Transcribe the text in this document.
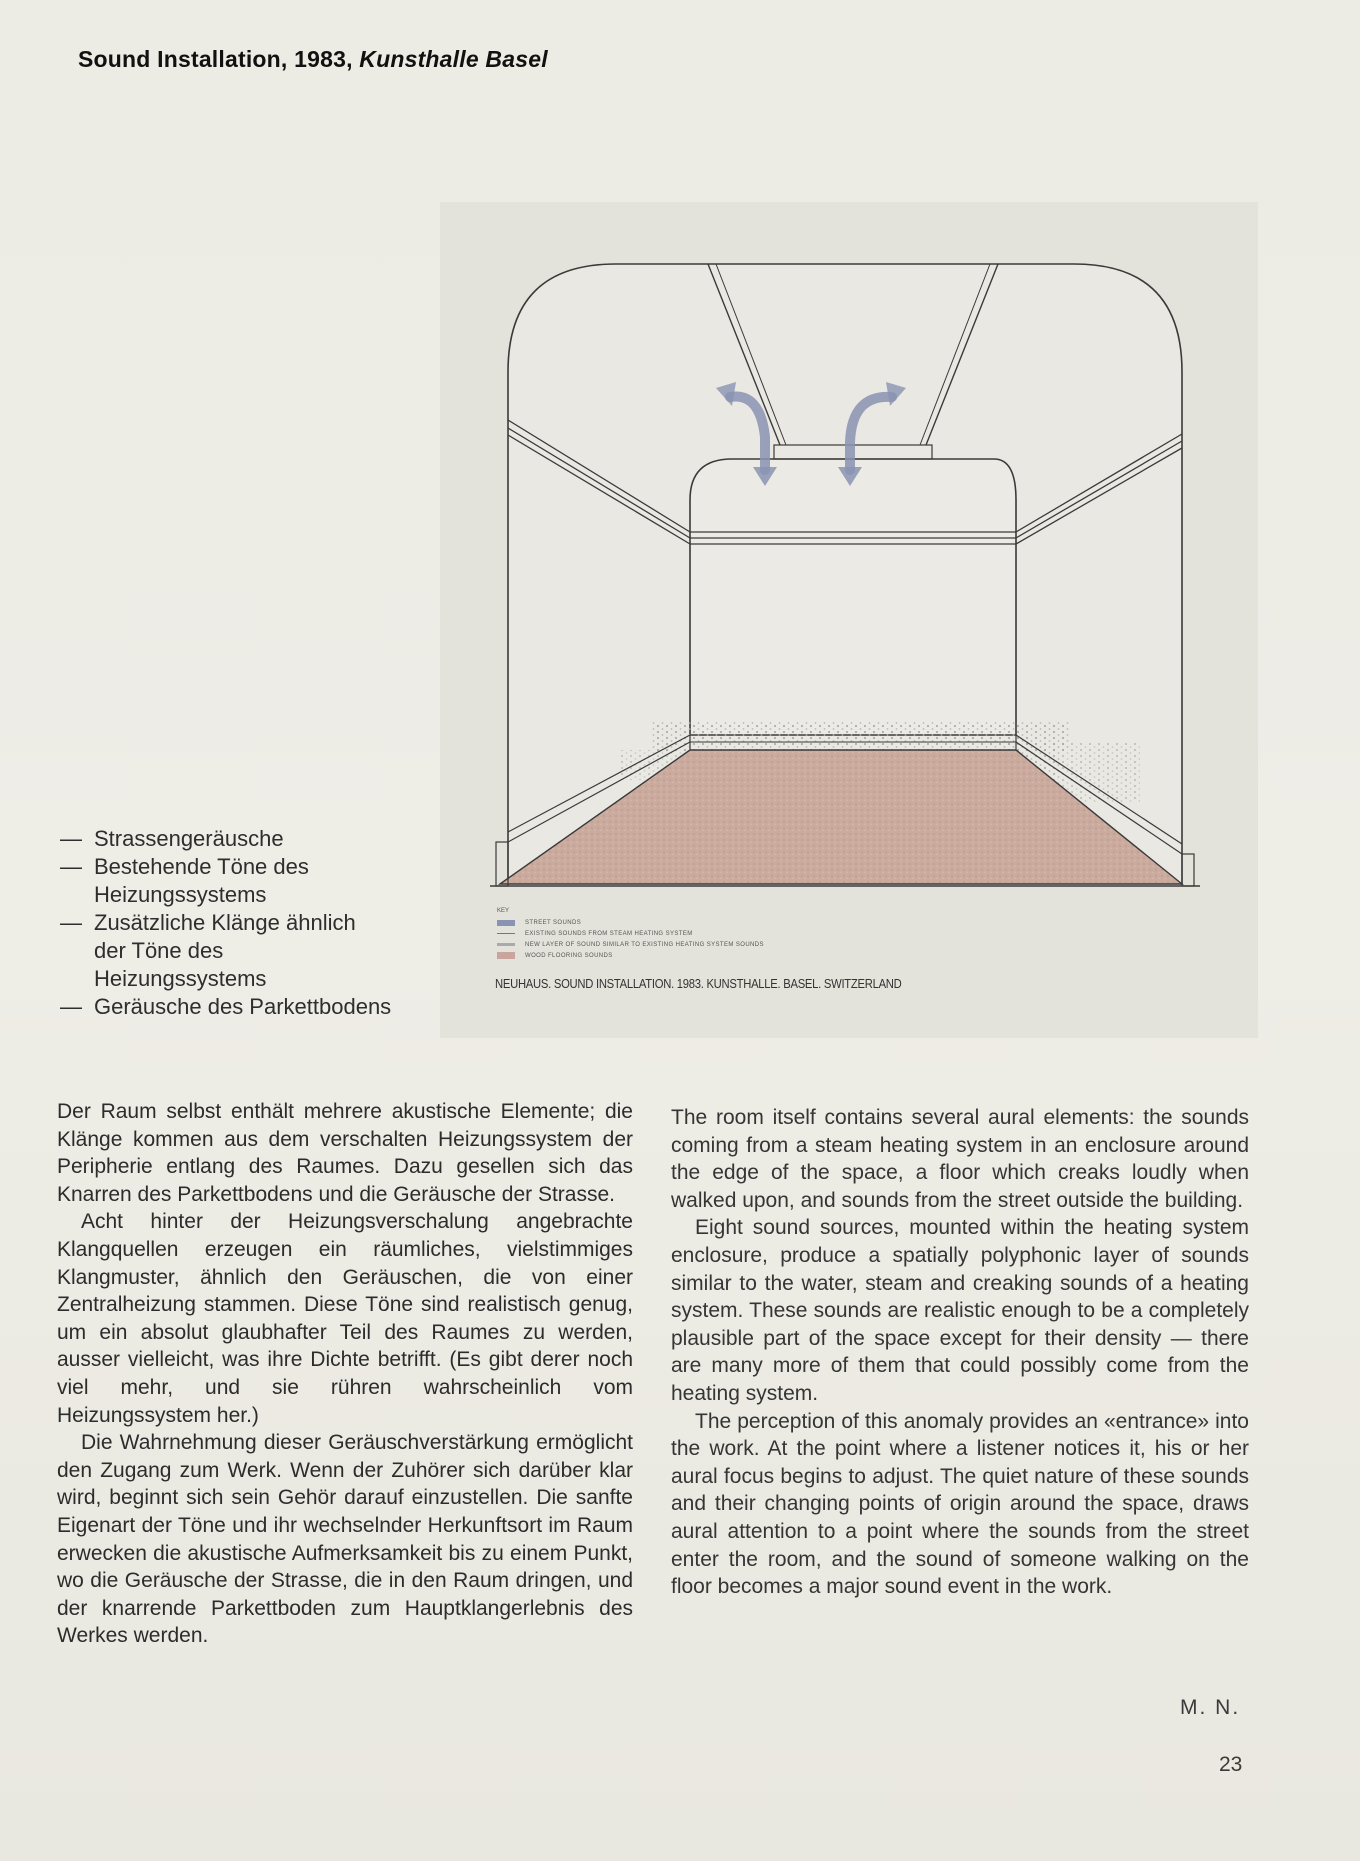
Sound Installation, 1983, Kunsthalle Basel
KEY
STREET SOUNDS
EXISTING SOUNDS FROM STEAM HEATING SYSTEM
NEW LAYER OF SOUND SIMILAR TO EXISTING HEATING SYSTEM SOUNDS
WOOD FLOORING SOUNDS
NEUHAUS. SOUND INSTALLATION. 1983. KUNSTHALLE. BASEL. SWITZERLAND
— Strassengeräusche
— Bestehende Töne des Heizungssystems
— Zusätzliche Klänge ähnlich der Töne des Heizungssystems
— Geräusche des Parkettbodens

Der Raum selbst enthält mehrere akustische Elemente; die Klänge kommen aus dem verschalten Heizungssystem der Peripherie entlang des Raumes. Dazu gesellen sich das Knarren des Parkettbodens und die Geräusche der Strasse.

Acht hinter der Heizungsverschalung angebrachte Klangquellen erzeugen ein räumliches, vielstimmiges Klangmuster, ähnlich den Geräuschen, die von einer Zentralheizung stammen. Diese Töne sind realistisch genug, um ein absolut glaubhafter Teil des Raumes zu werden, ausser vielleicht, was ihre Dichte betrifft. (Es gibt derer noch viel mehr, und sie rühren wahrscheinlich vom Heizungssystem her.)

Die Wahrnehmung dieser Geräuschverstärkung ermöglicht den Zugang zum Werk. Wenn der Zuhörer sich darüber klar wird, beginnt sich sein Gehör darauf einzustellen. Die sanfte Eigenart der Töne und ihr wechselnder Herkunftsort im Raum erwecken die akustische Aufmerksamkeit bis zu einem Punkt, wo die Geräusche der Strasse, die in den Raum dringen, und der knarrende Parkettboden zum Hauptklangerlebnis des Werkes werden.

The room itself contains several aural elements: the sounds coming from a steam heating system in an enclosure around the edge of the space, a floor which creaks loudly when walked upon, and sounds from the street outside the building.

Eight sound sources, mounted within the heating system enclosure, produce a spatially polyphonic layer of sounds similar to the water, steam and creaking sounds of a heating system. These sounds are realistic enough to be a completely plausible part of the space except for their density — there are many more of them that could possibly come from the heating system.

The perception of this anomaly provides an «entrance» into the work. At the point where a listener notices it, his or her aural focus begins to adjust. The quiet nature of these sounds and their changing points of origin around the space, draws aural attention to a point where the sounds from the street enter the room, and the sound of someone walking on the floor becomes a major sound event in the work.

M. N.
23
